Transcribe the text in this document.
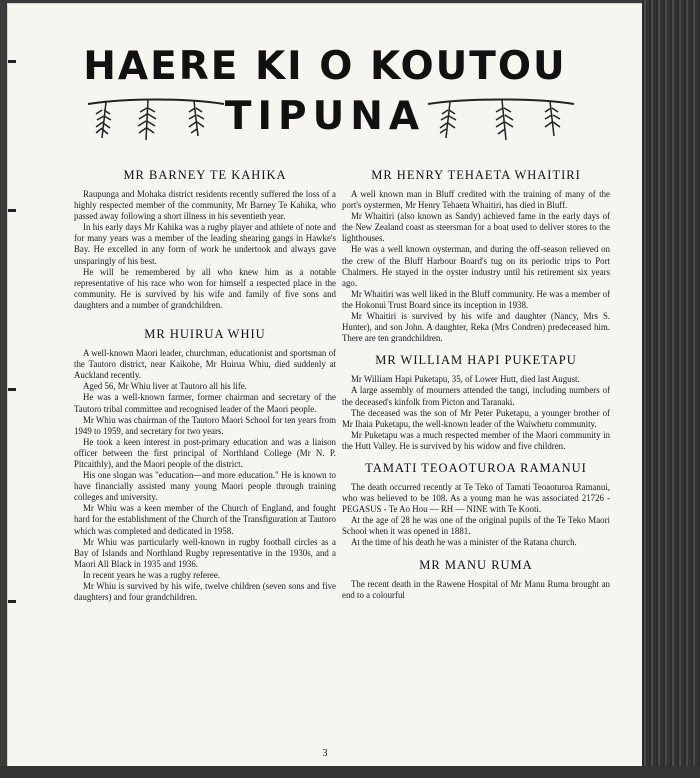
HAERE KI O KOUTOU
TIPUNA
MR BARNEY TE KAHIKA

Raupunga and Mohaka district residents recently suffered the loss of a highly respected member of the community, Mr Barney Te Kahika, who passed away following a short illness in his seventieth year.

In his early days Mr Kahika was a rugby player and athlete of note and for many years was a member of the leading shearing gangs in Hawke's Bay. He excelled in any form of work he undertook and always gave unsparingly of his best.

He will be remembered by all who knew him as a notable representative of his race who won for himself a respected place in the community. He is survived by his wife and family of five sons and daughters and a number of grandchildren.

MR HUIRUA WHIU

A well-known Maori leader, churchman, educationist and sportsman of the Tautoro district, near Kaikohe, Mr Huirua Whiu, died suddenly at Auckland recently.

Aged 56, Mr Whiu liver at Tautoro all his life.

He was a well-known farmer, former chairman and secretary of the Tautoro tribal committee and recognised leader of the Maori people.

Mr Whiu was chairman of the Tautoro Maori School for ten years from 1949 to 1959, and secretary for two years.

He took a keen interest in post-primary education and was a liaison officer between the first principal of Northland College (Mr N. P. Pitcaithly), and the Maori people of the district.

His one slogan was "education—and more education." He is known to have financially assisted many young Maori people through training colleges and university.

Mr Whiu was a keen member of the Church of England, and fought hard for the establishment of the Church of the Transfiguration at Tautoro which was completed and dedicated in 1958.

Mr Whiu was particularly well-known in rugby football circles as a Bay of Islands and Northland Rugby representative in the 1930s, and a Maori All Black in 1935 and 1936.

In recent years he was a rugby referee.

Mr Whiu is survived by his wife, twelve children (seven sons and five daughters) and four grandchildren.

MR HENRY TEHAETA WHAITIRI

A well known man in Bluff credited with the training of many of the port's oystermen, Mr Henry Tehaeta Whaitiri, has died in Bluff.

Mr Whaitiri (also known as Sandy) achieved fame in the early days of the New Zealand coast as steersman for a boat used to deliver stores to the lighthouses.

He was a well known oysterman, and during the off-season relieved on the crew of the Bluff Harbour Board's tug on its periodic trips to Port Chalmers. He stayed in the oyster industry until his retirement six years ago.

Mr Whaitiri was well liked in the Bluff community. He was a member of the Hokonui Trust Board since its inception in 1938.

Mr Whaitiri is survived by his wife and daughter (Nancy, Mrs S. Hunter), and son John. A daughter, Reka (Mrs Condren) predeceased him. There are ten grandchildren.

MR WILLIAM HAPI PUKETAPU

Mr William Hapi Puketapu, 35, of Lower Hutt, died last August.

A large assembly of mourners attended the tangi, including numbers of the deceased's kinfolk from Picton and Taranaki.

The deceased was the son of Mr Peter Puketapu, a younger brother of Mr Ihaia Puketapu, the well-known leader of the Waiwhetu community.

Mr Puketapu was a much respected member of the Maori community in the Hutt Valley. He is survived by his widow and five children.

TAMATI TEOAOTUROA RAMANUI

The death occurred recently at Te Teko of Tamati Teoaoturoa Ramanui, who was believed to be 108. As a young man he was associated 21726 - PEGASUS - Te Ao Hou — RH — NINE with Te Kooti.

At the age of 28 he was one of the original pupils of the Te Teko Maori School when it was opened in 1881.

At the time of his death he was a minister of the Ratana church.

MR MANU RUMA

The recent death in the Rawene Hospital of Mr Manu Ruma brought an end to a colourful

3
